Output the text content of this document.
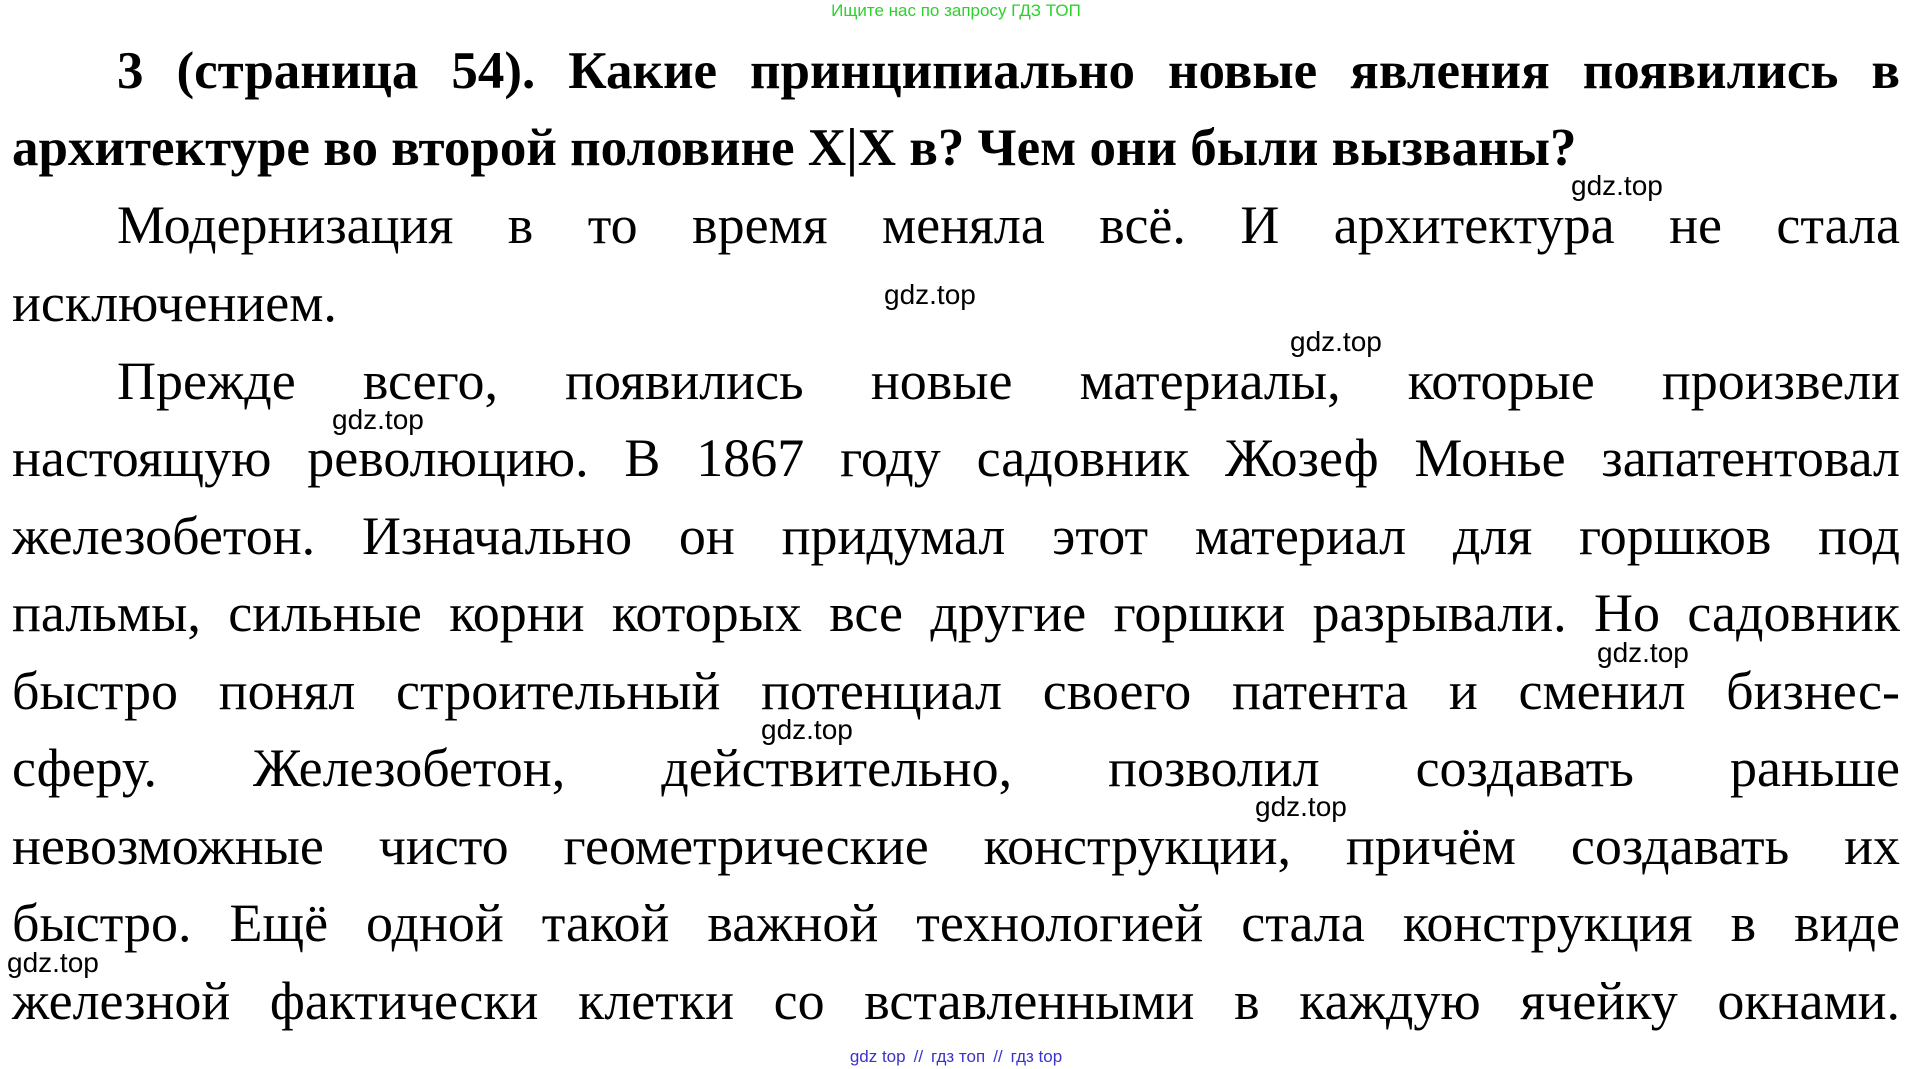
Ищите нас по запросу ГДЗ ТОП
3 (страница 54). Какие принципиально новые явления появились в
архитектуре во второй половине X|X в? Чем они были вызваны?
Модернизация в то время меняла всё. И архитектура не стала
исключением.
Прежде всего, появились новые материалы, которые произвели
настоящую революцию. В 1867 году садовник Жозеф Монье запатентовал
железобетон. Изначально он придумал этот материал для горшков под
пальмы, сильные корни которых все другие горшки разрывали. Но садовник
быстро понял строительный потенциал своего патента и сменил бизнес-
сферу. Железобетон, действительно, позволил создавать раньше
невозможные чисто геометрические конструкции, причём создавать их
быстро. Ещё одной такой важной технологией стала конструкция в виде
железной фактически клетки со вставленными в каждую ячейку окнами.
gdz.top
gdz.top
gdz.top
gdz.top
gdz.top
gdz.top
gdz.top
gdz.top
gdz top // гдз топ // гдз top
